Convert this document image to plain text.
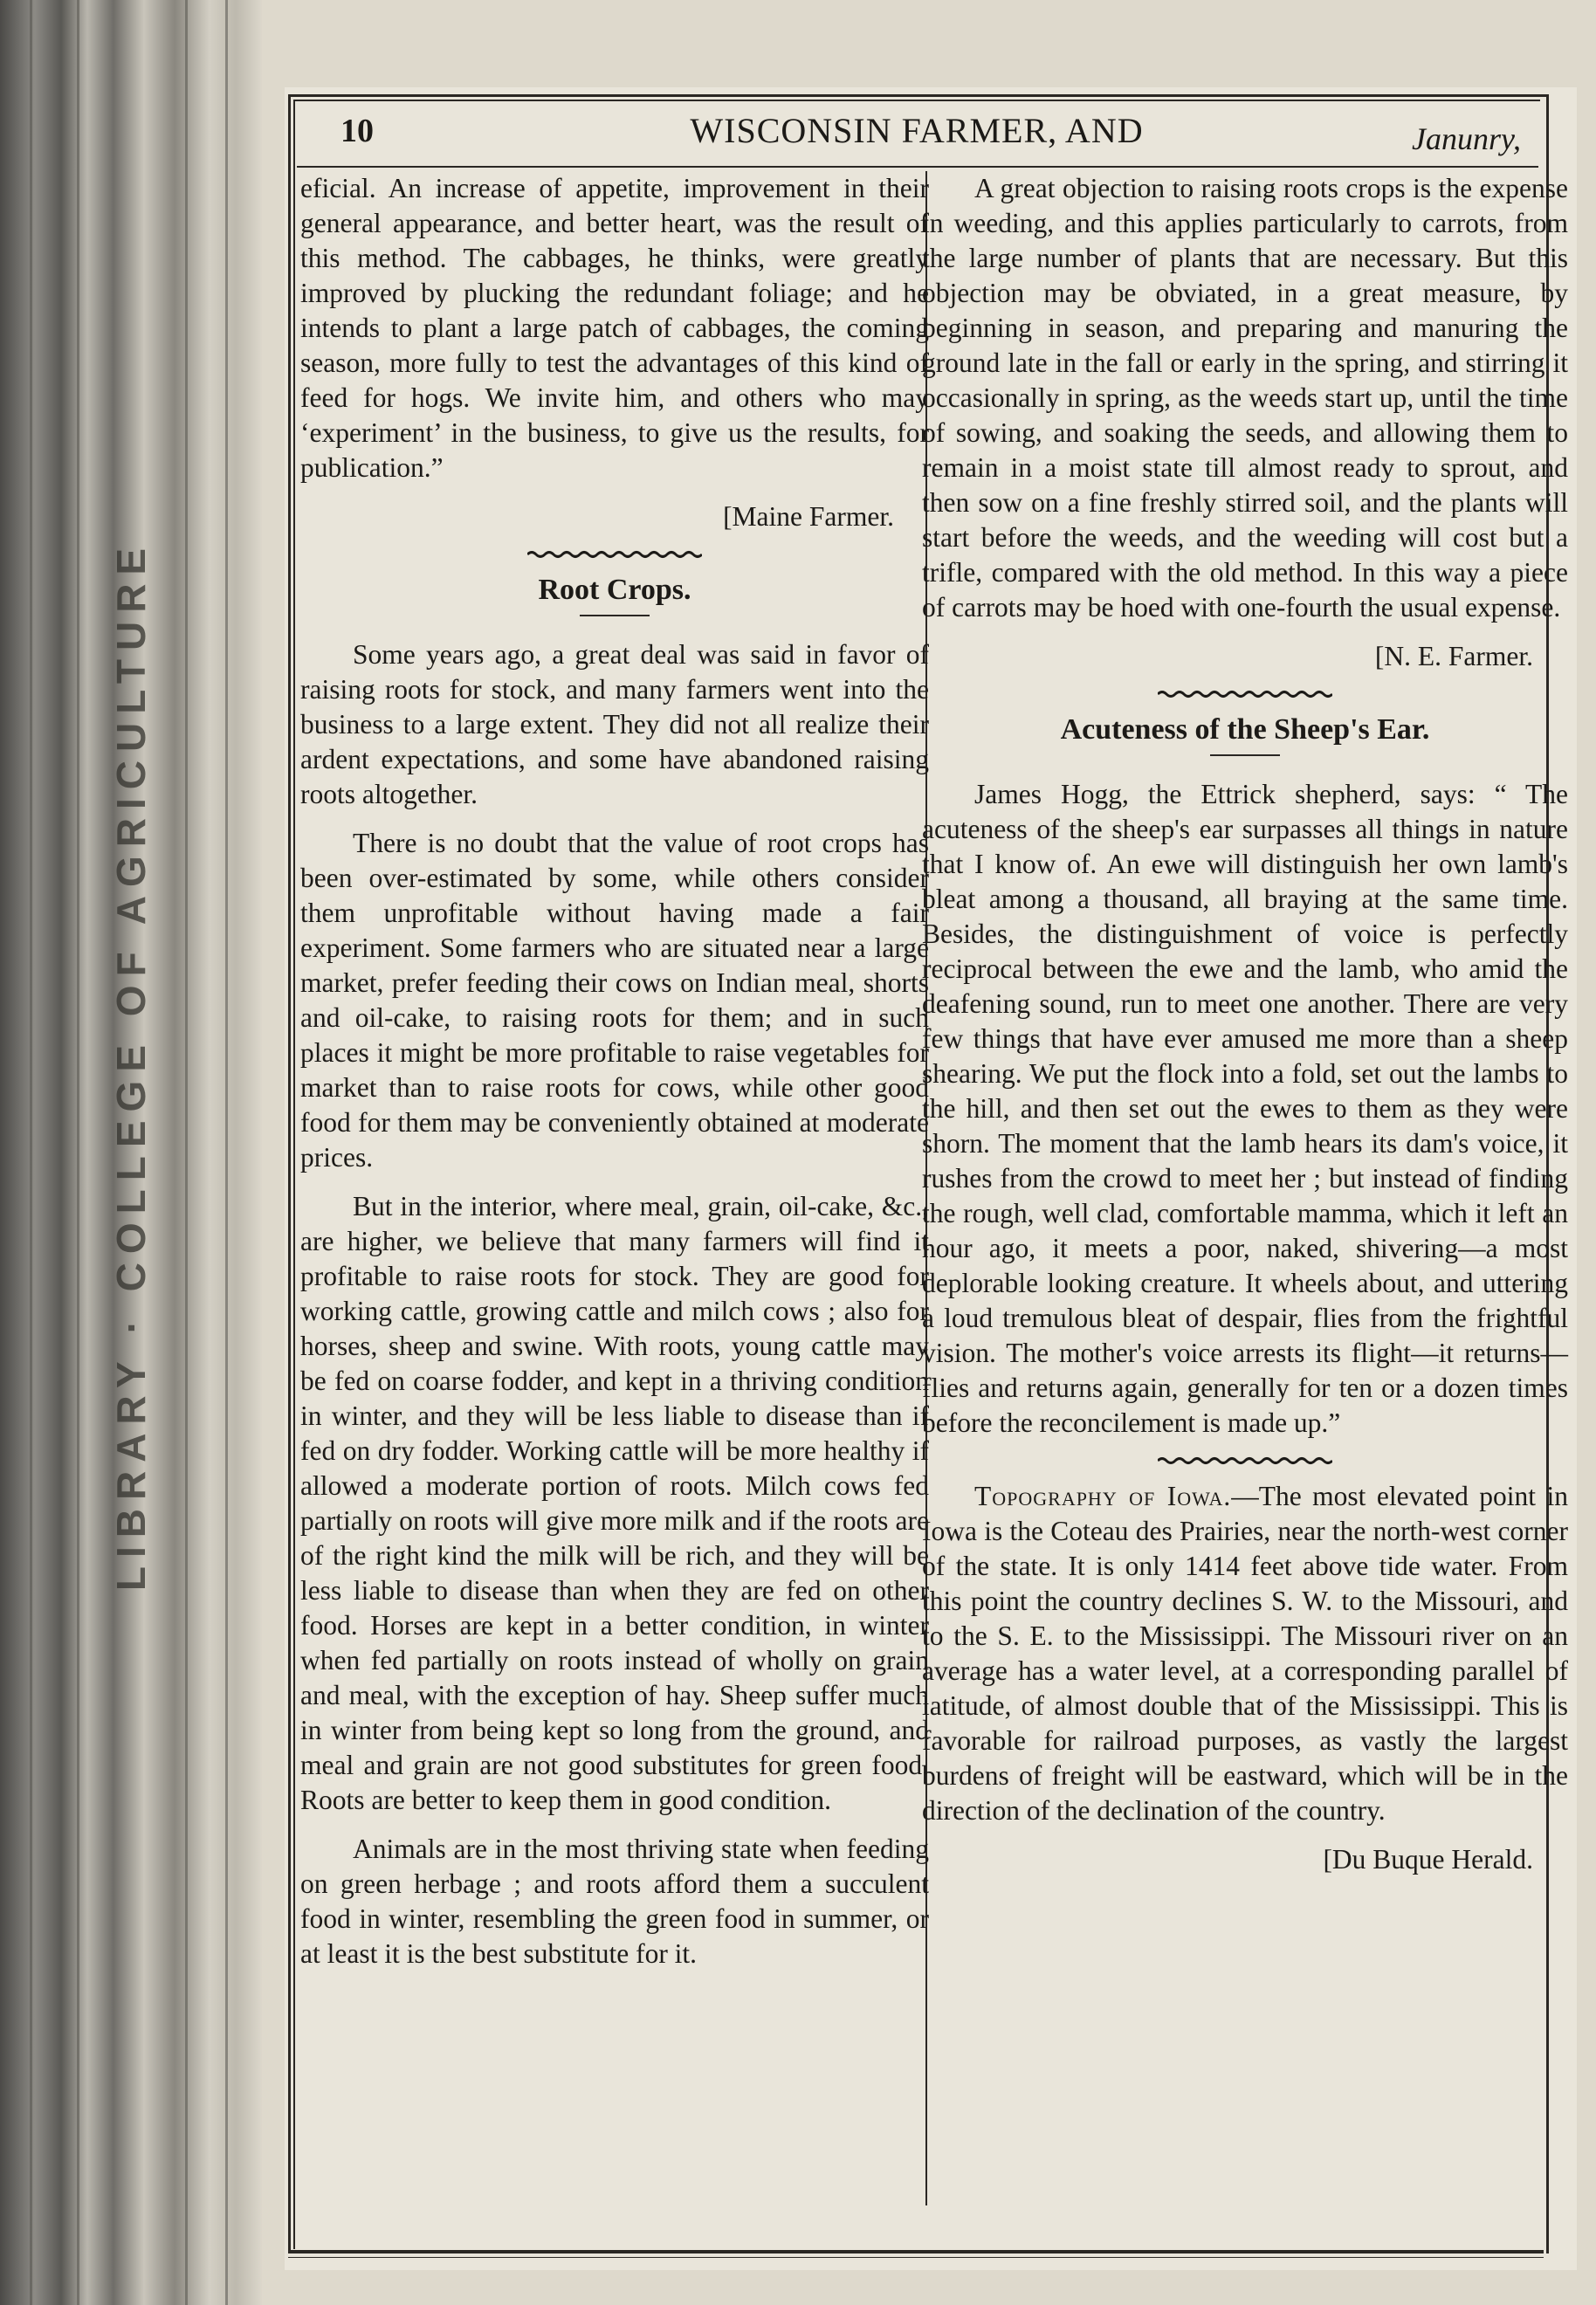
LIBRARY · COLLEGE OF AGRICULTURE
10	WISCONSIN FARMER, AND	Janunry,

eficial. An increase of appetite, improvement in their general appearance, and better heart, was the result of this method. The cabbages, he thinks, were greatly improved by plucking the redundant foliage; and he intends to plant a large patch of cabbages, the coming season, more fully to test the advantages of this kind of feed for hogs. We invite him, and others who may ‘experiment’ in the business, to give us the results, for publication.”

[Maine Farmer.

Root Crops.

Some years ago, a great deal was said in favor of raising roots for stock, and many farmers went into the business to a large extent. They did not all realize their ardent expectations, and some have abandoned raising roots altogether.

There is no doubt that the value of root crops has been over-estimated by some, while others consider them unprofitable without having made a fair experiment. Some farmers who are situated near a large market, prefer feeding their cows on Indian meal, shorts and oil-cake, to raising roots for them; and in such places it might be more profitable to raise vegetables for market than to raise roots for cows, while other good food for them may be conveniently obtained at moderate prices.

But in the interior, where meal, grain, oil-cake, &c., are higher, we believe that many farmers will find it profitable to raise roots for stock. They are good for working cattle, growing cattle and milch cows ; also for horses, sheep and swine. With roots, young cattle may be fed on coarse fodder, and kept in a thriving condition in winter, and they will be less liable to disease than if fed on dry fodder. Working cattle will be more healthy if allowed a moderate portion of roots. Milch cows fed partially on roots will give more milk and if the roots are of the right kind the milk will be rich, and they will be less liable to disease than when they are fed on other food. Horses are kept in a better condition, in winter when fed partially on roots instead of wholly on grain and meal, with the exception of hay. Sheep suffer much in winter from being kept so long from the ground, and meal and grain are not good substitutes for green food. Roots are better to keep them in good condition.

Animals are in the most thriving state when feeding on green herbage ; and roots afford them a succulent food in winter, resembling the green food in summer, or at least it is the best substitute for it.

A great objection to raising roots crops is the expense in weeding, and this applies particularly to carrots, from the large number of plants that are necessary. But this objection may be obviated, in a great measure, by beginning in season, and preparing and manuring the ground late in the fall or early in the spring, and stirring it occasionally in spring, as the weeds start up, until the time of sowing, and soaking the seeds, and allowing them to remain in a moist state till almost ready to sprout, and then sow on a fine freshly stirred soil, and the plants will start before the weeds, and the weeding will cost but a trifle, compared with the old method. In this way a piece of carrots may be hoed with one-fourth the usual expense.

[N. E. Farmer.

Acuteness of the Sheep's Ear.

James Hogg, the Ettrick shepherd, says: “ The acuteness of the sheep's ear surpasses all things in nature that I know of. An ewe will distinguish her own lamb's bleat among a thousand, all braying at the same time. Besides, the distinguishment of voice is perfectly reciprocal between the ewe and the lamb, who amid the deafening sound, run to meet one another. There are very few things that have ever amused me more than a sheep shearing. We put the flock into a fold, set out the lambs to the hill, and then set out the ewes to them as they were shorn. The moment that the lamb hears its dam's voice, it rushes from the crowd to meet her ; but instead of finding the rough, well clad, comfortable mamma, which it left an hour ago, it meets a poor, naked, shivering—a most deplorable looking creature. It wheels about, and uttering a loud tremulous bleat of despair, flies from the frightful vision. The mother's voice arrests its flight—it returns—flies and returns again, generally for ten or a dozen times before the reconcilement is made up.”

Topography of Iowa.—The most elevated point in Iowa is the Coteau des Prairies, near the north-west corner of the state. It is only 1414 feet above tide water. From this point the country declines S. W. to the Missouri, and to the S. E. to the Mississippi. The Missouri river on an average has a water level, at a corresponding parallel of latitude, of almost double that of the Mississippi. This is favorable for railroad purposes, as vastly the largest burdens of freight will be eastward, which will be in the direction of the declination of the country.

[Du Buque Herald.
